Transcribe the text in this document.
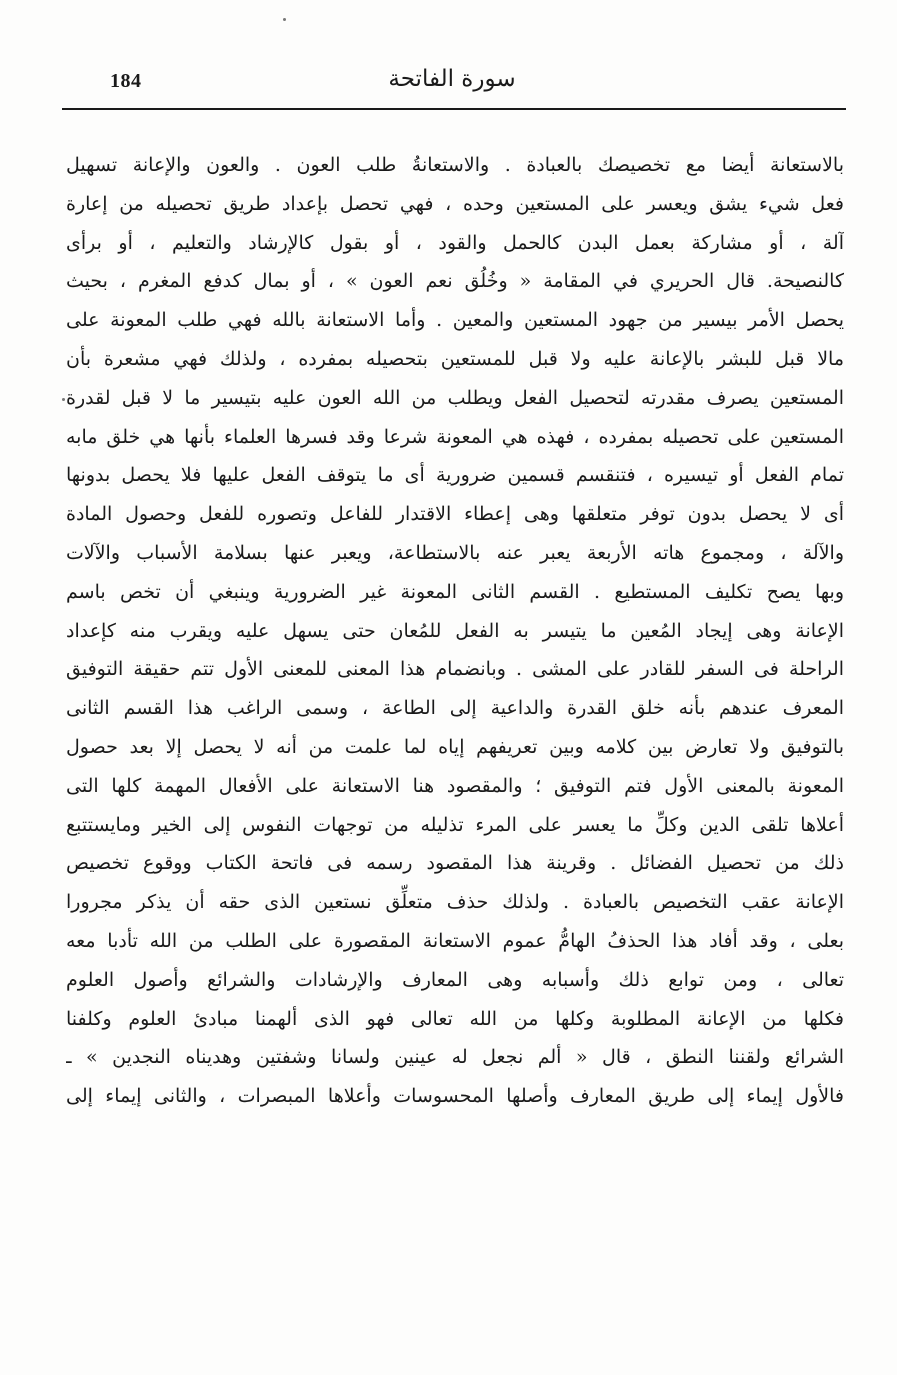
184	سورة الفاتحة
بالاستعانة أيضا مع تخصيصك بالعبادة . والاستعانةُ طلب العون . والعون والإعانة تسهيل
فعل شيء يشق ويعسر على المستعين وحده ، فهي تحصل بإعداد طريق تحصيله من إعارة
آلة ، أو مشاركة بعمل البدن كالحمل والقود ، أو بقول كالإرشاد والتعليم ، أو برأى
كالنصيحة. قال الحريري في المقامة « وخُلُق نعم العون » ، أو بمال كدفع المغرم ، بحيث
يحصل الأمر بيسير من جهود المستعين والمعين . وأما الاستعانة بالله فهي طلب المعونة على
مالا قبل للبشر بالإعانة عليه ولا قبل للمستعين بتحصيله بمفرده ، ولذلك فهي مشعرة بأن
المستعين يصرف مقدرته لتحصيل الفعل ويطلب من الله العون عليه بتيسير ما لا قبل لقدرة
المستعين على تحصيله بمفرده ، فهذه هي المعونة شرعا وقد فسرها العلماء بأنها هي خلق مابه
تمام الفعل أو تيسيره ، فتنقسم قسمين ضرورية أى ما يتوقف الفعل عليها فلا يحصل بدونها
أى لا يحصل بدون توفر متعلقها وهى إعطاء الاقتدار للفاعل وتصوره للفعل وحصول المادة
والآلة ، ومجموع هاته الأربعة يعبر عنه بالاستطاعة، ويعبر عنها بسلامة الأسباب والآلات
وبها يصح تكليف المستطيع . القسم الثانى المعونة غير الضرورية وينبغي أن تخص باسم
الإعانة وهى إيجاد المُعين ما يتيسر به الفعل للمُعان حتى يسهل عليه ويقرب منه كإعداد
الراحلة فى السفر للقادر على المشى . وبانضمام هذا المعنى للمعنى الأول تتم حقيقة التوفيق
المعرف عندهم بأنه خلق القدرة والداعية إلى الطاعة ، وسمى الراغب هذا القسم الثانى
بالتوفيق ولا تعارض بين كلامه وبين تعريفهم إياه لما علمت من أنه لا يحصل إلا بعد حصول
المعونة بالمعنى الأول فتم التوفيق ؛ والمقصود هنا الاستعانة على الأفعال المهمة كلها التى
أعلاها تلقى الدين وكلِّ ما يعسر على المرء تذليله من توجهات النفوس إلى الخير ومايستتبع
ذلك من تحصيل الفضائل . وقرينة هذا المقصود رسمه فى فاتحة الكتاب ووقوع تخصيص
الإعانة عقب التخصيص بالعبادة . ولذلك حذف متعلِّق نستعين الذى حقه أن يذكر مجرورا
بعلى ، وقد أفاد هذا الحذفُ الهامُّ عموم الاستعانة المقصورة على الطلب من الله تأدبا معه
تعالى ، ومن توابع ذلك وأسبابه وهى المعارف والإرشادات والشرائع وأصول العلوم
فكلها من الإعانة المطلوبة وكلها من الله تعالى فهو الذى ألهمنا مبادئ العلوم وكلفنا
الشرائع ولقننا النطق ، قال « ألم نجعل له عينين ولسانا وشفتين وهديناه النجدين » ـ
فالأول إيماء إلى طريق المعارف وأصلها المحسوسات وأعلاها المبصرات ، والثانى إيماء إلى
